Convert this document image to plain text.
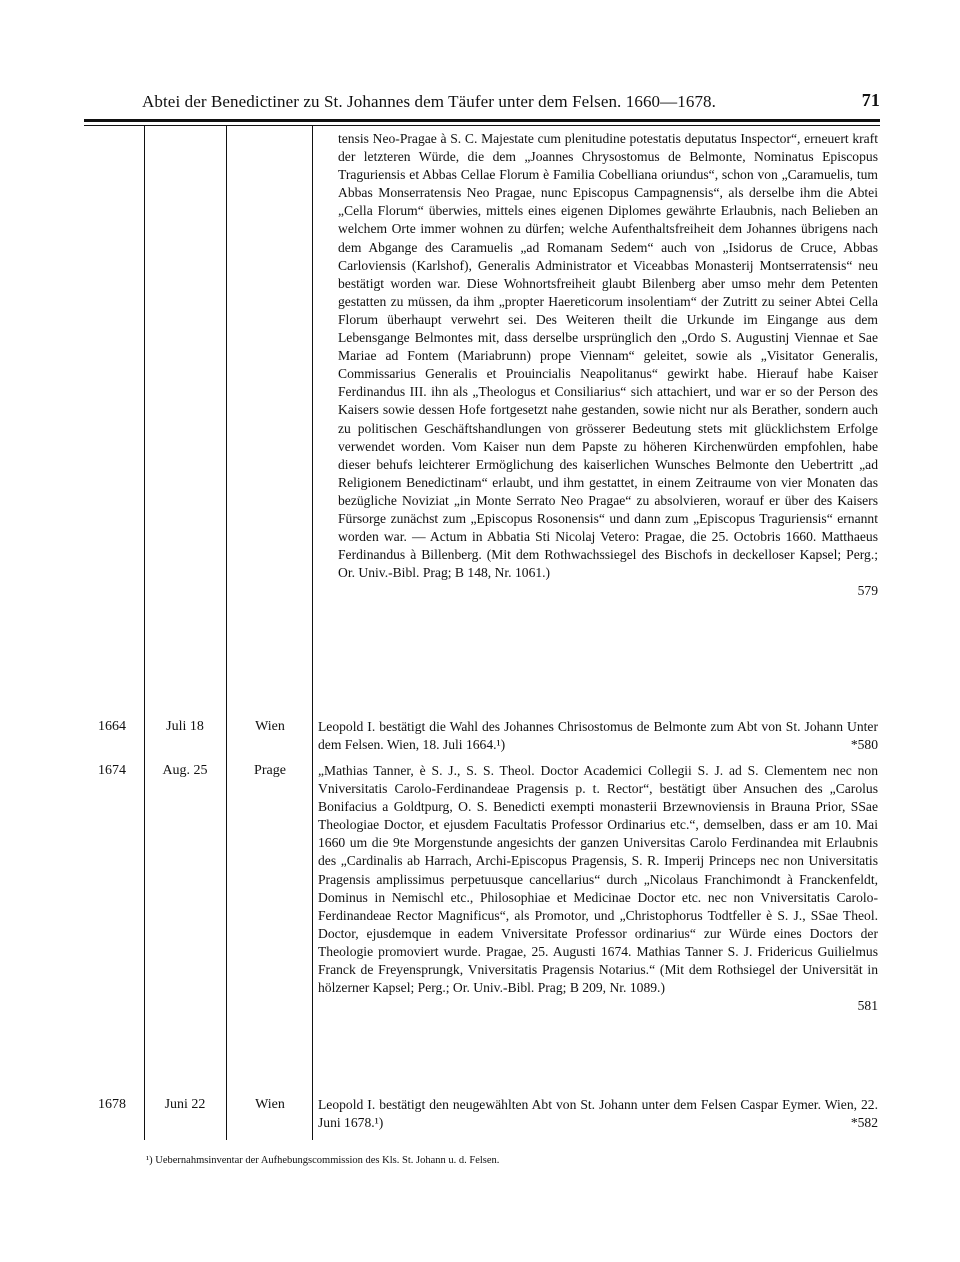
Abtei der Benedictiner zu St. Johannes dem Täufer unter dem Felsen. 1660—1678.	71
tensis Neo-Pragae à S. C. Majestate cum plenitudine potestatis deputatus Inspector“, erneuert kraft der letzteren Würde, die dem „Joannes Chrysostomus de Belmonte, Nominatus Episcopus Traguriensis et Abbas Cellae Florum è Familia Cobelliana oriundus“, schon von „Caramuelis, tum Abbas Monserratensis Neo Pragae, nunc Episcopus Campagnensis“, als derselbe ihm die Abtei „Cella Florum“ überwies, mittels eines eigenen Diplomes gewährte Erlaubnis, nach Belieben an welchem Orte immer wohnen zu dürfen; welche Aufenthaltsfreiheit dem Johannes übrigens nach dem Abgange des Caramuelis „ad Romanam Sedem“ auch von „Isidorus de Cruce, Abbas Carloviensis (Karlshof), Generalis Administrator et Viceabbas Monasterij Montserratensis“ neu bestätigt worden war. Diese Wohnortsfreiheit glaubt Bilenberg aber umso mehr dem Petenten gestatten zu müssen, da ihm „propter Haereticorum insolentiam“ der Zutritt zu seiner Abtei Cella Florum überhaupt verwehrt sei. Des Weiteren theilt die Urkunde im Eingange aus dem Lebensgange Belmontes mit, dass derselbe ursprünglich den „Ordo S. Augustinj Viennae et Sae Mariae ad Fontem (Mariabrunn) prope Viennam“ geleitet, sowie als „Visitator Generalis, Commissarius Generalis et Prouincialis Neapolitanus“ gewirkt habe. Hierauf habe Kaiser Ferdinandus III. ihn als „Theologus et Consiliarius“ sich attachiert, und war er so der Person des Kaisers sowie dessen Hofe fortgesetzt nahe gestanden, sowie nicht nur als Berather, sondern auch zu politischen Geschäftshandlungen von grösserer Bedeutung stets mit glücklichstem Erfolge verwendet worden. Vom Kaiser nun dem Papste zu höheren Kirchenwürden empfohlen, habe dieser behufs leichterer Ermöglichung des kaiserlichen Wunsches Belmonte den Uebertritt „ad Religionem Benedictinam“ erlaubt, und ihm gestattet, in einem Zeitraume von vier Monaten das bezügliche Noviziat „in Monte Serrato Neo Pragae“ zu absolvieren, worauf er über des Kaisers Fürsorge zunächst zum „Episcopus Rosonensis“ und dann zum „Episcopus Traguriensis“ ernannt worden war. — Actum in Abbatia Sti Nicolaj Vetero: Pragae, die 25. Octobris 1660. Matthaeus Ferdinandus à Billenberg. (Mit dem Rothwachssiegel des Bischofs in deckelloser Kapsel; Perg.; Or. Univ.-Bibl. Prag; B 148, Nr. 1061.)
579
1664	Juli 18	Wien	Leopold I. bestätigt die Wahl des Johannes Chrisostomus de Belmonte zum Abt von St. Johann Unter dem Felsen. Wien, 18. Juli 1664.¹)	*580
1674	Aug. 25	Prage	„Mathias Tanner, è S. J., S. S. Theol. Doctor Academici Collegii S. J. ad S. Clementem nec non Vniversitatis Carolo-Ferdinandeae Pragensis p. t. Rector“, bestätigt über Ansuchen des „Carolus Bonifacius a Goldtpurg, O. S. Benedicti exempti monasterii Brzewnoviensis in Brauna Prior, SSae Theologiae Doctor, et ejusdem Facultatis Professor Ordinarius etc.“, demselben, dass er am 10. Mai 1660 um die 9te Morgenstunde angesichts der ganzen Universitas Carolo Ferdinandea mit Erlaubnis des „Cardinalis ab Harrach, Archi-Episcopus Pragensis, S. R. Imperij Princeps nec non Universitatis Pragensis amplissimus perpetuusque cancellarius“ durch „Nicolaus Franchimondt à Franckenfeldt, Dominus in Nemischl etc., Philosophiae et Medicinae Doctor etc. nec non Vniversitatis Carolo-Ferdinandeae Rector Magnificus“, als Promotor, und „Christophorus Todtfeller è S. J., SSae Theol. Doctor, ejusdemque in eadem Vniversitate Professor ordinarius“ zur Würde eines Doctors der Theologie promoviert wurde. Pragae, 25. Augusti 1674. Mathias Tanner S. J. Fridericus Guilielmus Franck de Freyensprungk, Vniversitatis Pragensis Notarius.“ (Mit dem Rothsiegel der Universität in hölzerner Kapsel; Perg.; Or. Univ.-Bibl. Prag; B 209, Nr. 1089.)
581
1678	Juni 22	Wien	Leopold I. bestätigt den neugewählten Abt von St. Johann unter dem Felsen Caspar Eymer. Wien, 22. Juni 1678.¹)	*582
¹) Uebernahmsinventar der Aufhebungscommission des Kls. St. Johann u. d. Felsen.
